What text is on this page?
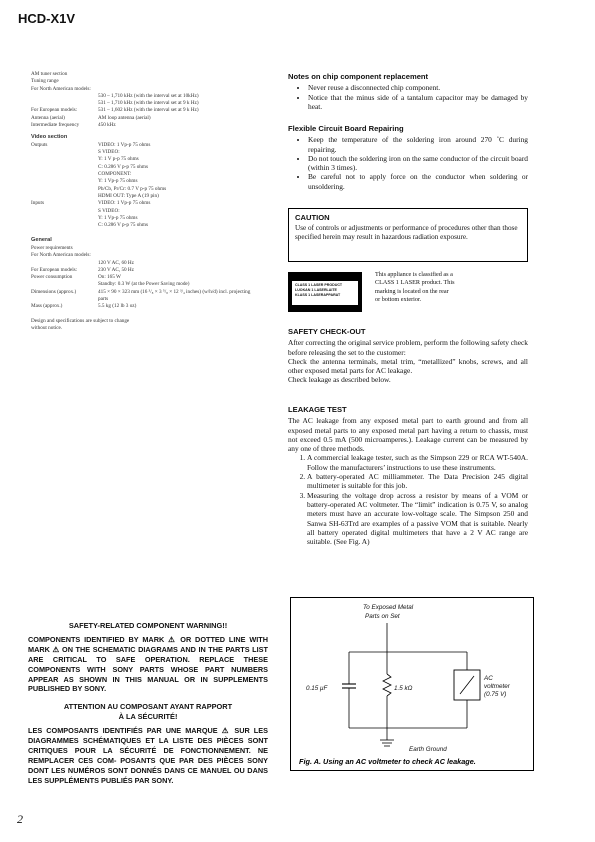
HCD-X1V
AM tuner section	
Tuning range	
For North American models:	
	530 – 1,710 kHz (with the interval set at 10kHz)
	531 – 1,710 kHz (with the interval set at 9 k Hz)
For European models:	531 – 1,602 kHz (with the interval set at 9 k Hz)
Antenna (aerial)	AM loop antenna (aerial)
Intermediate frequency	450 kHz
Video section
Outputs	VIDEO: 1 Vp-p 75 ohms
	S VIDEO:
	Y: 1 V p-p 75 ohms
	C: 0.286 V p-p 75 ohms
	COMPONENT:
	Y: 1 Vp-p 75 ohms
	Pb/Cb, Pr/Cr: 0.7 V p-p 75 ohms
	HDMI OUT: Type A (19 pin)
Inputs	VIDEO: 1 Vp-p 75 ohms
	S VIDEO:
	Y: 1 Vp-p 75 ohms
	C: 0.286 V p-p 75 ohms
General
Power requirements	
For North American models:	
	120 V AC, 60 Hz
For European models:	230 V AC, 50 Hz
Power consumption	On: 165 W
	Standby: 0.3 W (at the Power Saving mode)
Dimensions (approx.)	415 × 90 × 323 mm (16 ³/₈ × 3 ⁵/₈ × 12 ³/₄ inches) (w/h/d) incl. projecting parts
Mass (approx.)	5.5 kg (12 lb 3 oz)
Design and specifications are subject to change without notice.
Notes on chip component replacement
• Never reuse a disconnected chip component.
• Notice that the minus side of a tantalum capacitor may be damaged by heat.
Flexible Circuit Board Repairing
• Keep the temperature of the soldering iron around 270 ˚C during repairing.
• Do not touch the soldering iron on the same conductor of the circuit board (within 3 times).
• Be careful not to apply force on the conductor when soldering or unsoldering.
CAUTION
Use of controls or adjustments or performance of procedures other than those specified herein may result in hazardous radiation exposure.
CLASS 1 LASER PRODUCT
LUOKAN 1 LASERLAITE
KLASS 1 LASERAPPARAT
This appliance is classified as a CLASS 1 LASER product. This marking is located on the rear or bottom exterior.
SAFETY CHECK-OUT

After correcting the original service problem, perform the following safety check before releasing the set to the customer:

Check the antenna terminals, metal trim, “metallized” knobs, screws, and all other exposed metal parts for AC leakage.

Check leakage as described below.

LEAKAGE TEST

The AC leakage from any exposed metal part to earth ground and from all exposed metal parts to any exposed metal part having a return to chassis, must not exceed 0.5 mA (500 microamperes.). Leakage current can be measured by any one of three methods.

1. A commercial leakage tester, such as the Simpson 229 or RCA WT-540A. Follow the manufacturers’ instructions to use these instruments.
2. A battery-operated AC milliammeter. The Data Precision 245 digital multimeter is suitable for this job.
3. Measuring the voltage drop across a resistor by means of a VOM or battery-operated AC voltmeter. The “limit” indication is 0.75 V, so analog meters must have an accurate low-voltage scale. The Simpson 250 and Sanwa SH-63Trd are examples of a passive VOM that is suitable. Nearly all battery operated digital multimeters that have a 2 V AC range are suitable. (See Fig. A)
To Exposed Metal
Parts on Set
0.15 μF	1.5 kΩ
AC
voltmeter
(0.75 V)
Earth Ground
Fig. A. Using an AC voltmeter to check AC leakage.
SAFETY-RELATED COMPONENT WARNING!!

COMPONENTS IDENTIFIED BY MARK ⚠ OR DOTTED LINE WITH MARK ⚠ ON THE SCHEMATIC DIAGRAMS AND IN THE PARTS LIST ARE CRITICAL TO SAFE OPERATION. REPLACE THESE COMPONENTS WITH SONY PARTS WHOSE PART NUMBERS APPEAR AS SHOWN IN THIS MANUAL OR IN SUPPLEMENTS PUBLISHED BY SONY.

ATTENTION AU COMPOSANT AYANT RAPPORT
À LA SÉCURITÉ!

LES COMPOSANTS IDENTIFIÉS PAR UNE MARQUE ⚠ SUR LES DIAGRAMMES SCHÉMATIQUES ET LA LISTE DES PIÈCES SONT CRITIQUES POUR LA SÉCURITÉ DE FONCTIONNEMENT. NE REMPLACER CES COM- POSANTS QUE PAR DES PIÈCES SONY DONT LES NUMÉROS SONT DONNÉS DANS CE MANUEL OU DANS LES SUPPLÉMENTS PUBLIÉS PAR SONY.

2
